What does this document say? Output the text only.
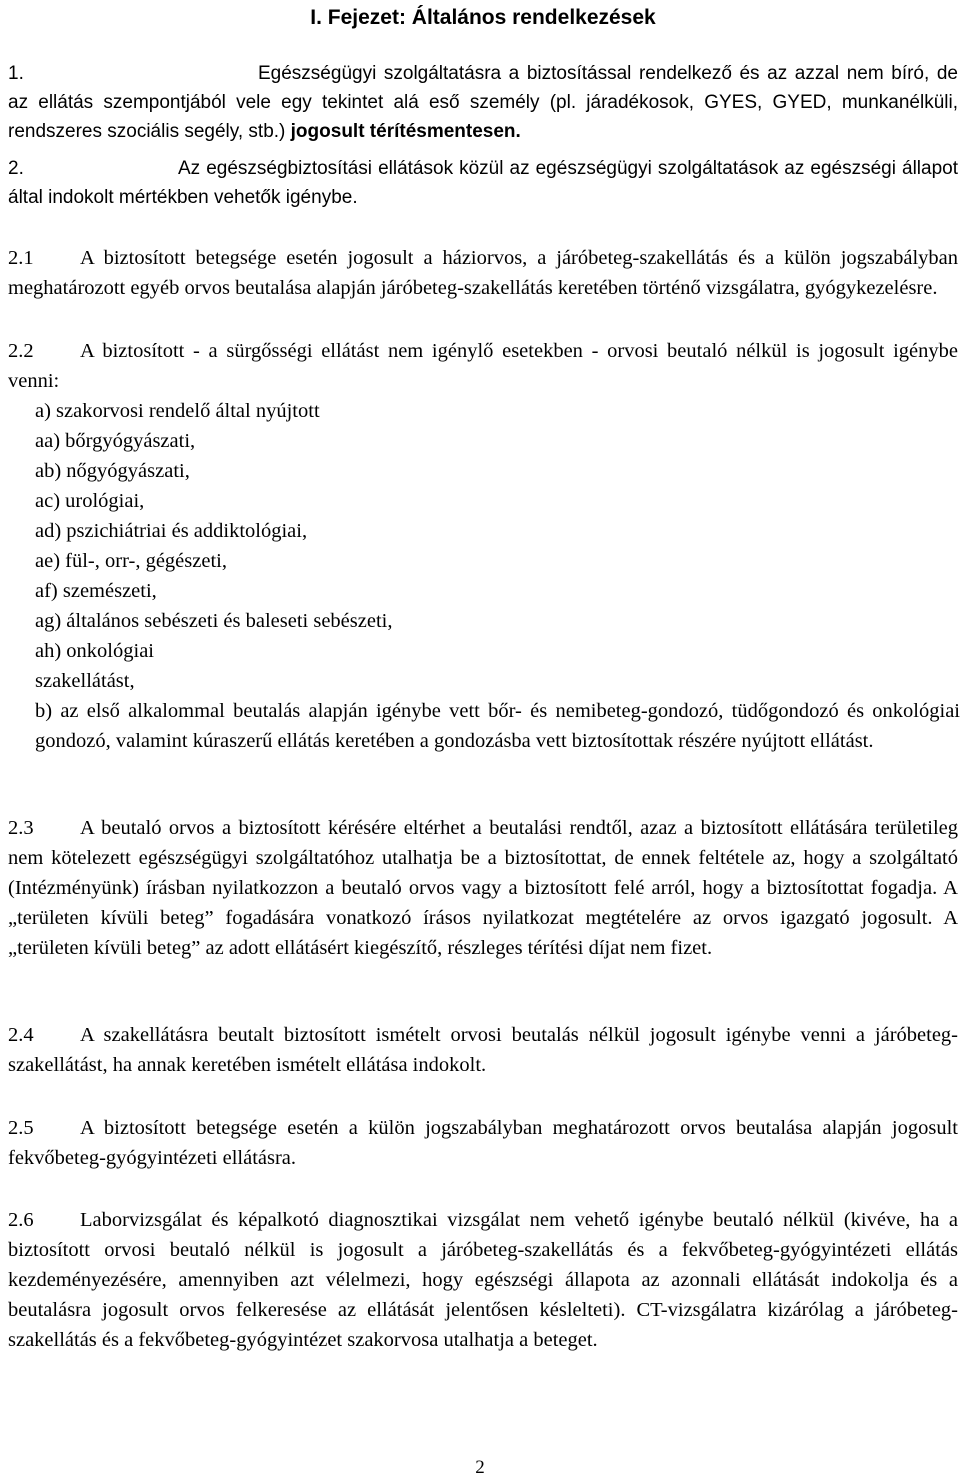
I. Fejezet: Általános rendelkezések
1.	Egészségügyi szolgáltatásra a biztosítással rendelkező és az azzal nem bíró, de az ellátás szempontjából vele egy tekintet alá eső személy (pl. járadékosok, GYES, GYED, munkanélküli, rendszeres szociális segély, stb.) jogosult térítésmentesen.
2.	Az egészségbiztosítási ellátások közül az egészségügyi szolgáltatások az egészségi állapot által indokolt mértékben vehetők igénybe.
2.1 A biztosított betegsége esetén jogosult a háziorvos, a járóbeteg-szakellátás és a külön jogszabályban meghatározott egyéb orvos beutalása alapján járóbeteg-szakellátás keretében történő vizsgálatra, gyógykezelésre.
2.2 A biztosított - a sürgősségi ellátást nem igénylő esetekben - orvosi beutaló nélkül is jogosult igénybe venni:
a) szakorvosi rendelő által nyújtott
aa) bőrgyógyászati,
ab) nőgyógyászati,
ac) urológiai,
ad) pszichiátriai és addiktológiai,
ae) fül-, orr-, gégészeti,
af) szemészeti,
ag) általános sebészeti és baleseti sebészeti,
ah) onkológiai
szakellátást,
b) az első alkalommal beutalás alapján igénybe vett bőr- és nemibeteg-gondozó, tüdőgondozó és onkológiai gondozó, valamint kúraszerű ellátás keretében a gondozásba vett biztosítottak részére nyújtott ellátást.
2.3 A beutaló orvos a biztosított kérésére eltérhet a beutalási rendtől, azaz a biztosított ellátására területileg nem kötelezett egészségügyi szolgáltatóhoz utalhatja be a biztosítottat, de ennek feltétele az, hogy a szolgáltató (Intézményünk) írásban nyilatkozzon a beutaló orvos vagy a biztosított felé arról, hogy a biztosítottat fogadja. A „területen kívüli beteg” fogadására vonatkozó írásos nyilatkozat megtételére az orvos igazgató jogosult. A „területen kívüli beteg” az adott ellátásért kiegészítő, részleges térítési díjat nem fizet.
2.4 A szakellátásra beutalt biztosított ismételt orvosi beutalás nélkül jogosult igénybe venni a járóbeteg-szakellátást, ha annak keretében ismételt ellátása indokolt.
2.5 A biztosított betegsége esetén a külön jogszabályban meghatározott orvos beutalása alapján jogosult fekvőbeteg-gyógyintézeti ellátásra.
2.6 Laborvizsgálat és képalkotó diagnosztikai vizsgálat nem vehető igénybe beutaló nélkül (kivéve, ha a biztosított orvosi beutaló nélkül is jogosult a járóbeteg-szakellátás és a fekvőbeteg-gyógyintézeti ellátás kezdeményezésére, amennyiben azt vélelmezi, hogy egészségi állapota az azonnali ellátását indokolja és a beutalásra jogosult orvos felkeresése az ellátását jelentősen késlelteti). CT-vizsgálatra kizárólag a járóbeteg-szakellátás és a fekvőbeteg-gyógyintézet szakorvosa utalhatja a beteget.
2
